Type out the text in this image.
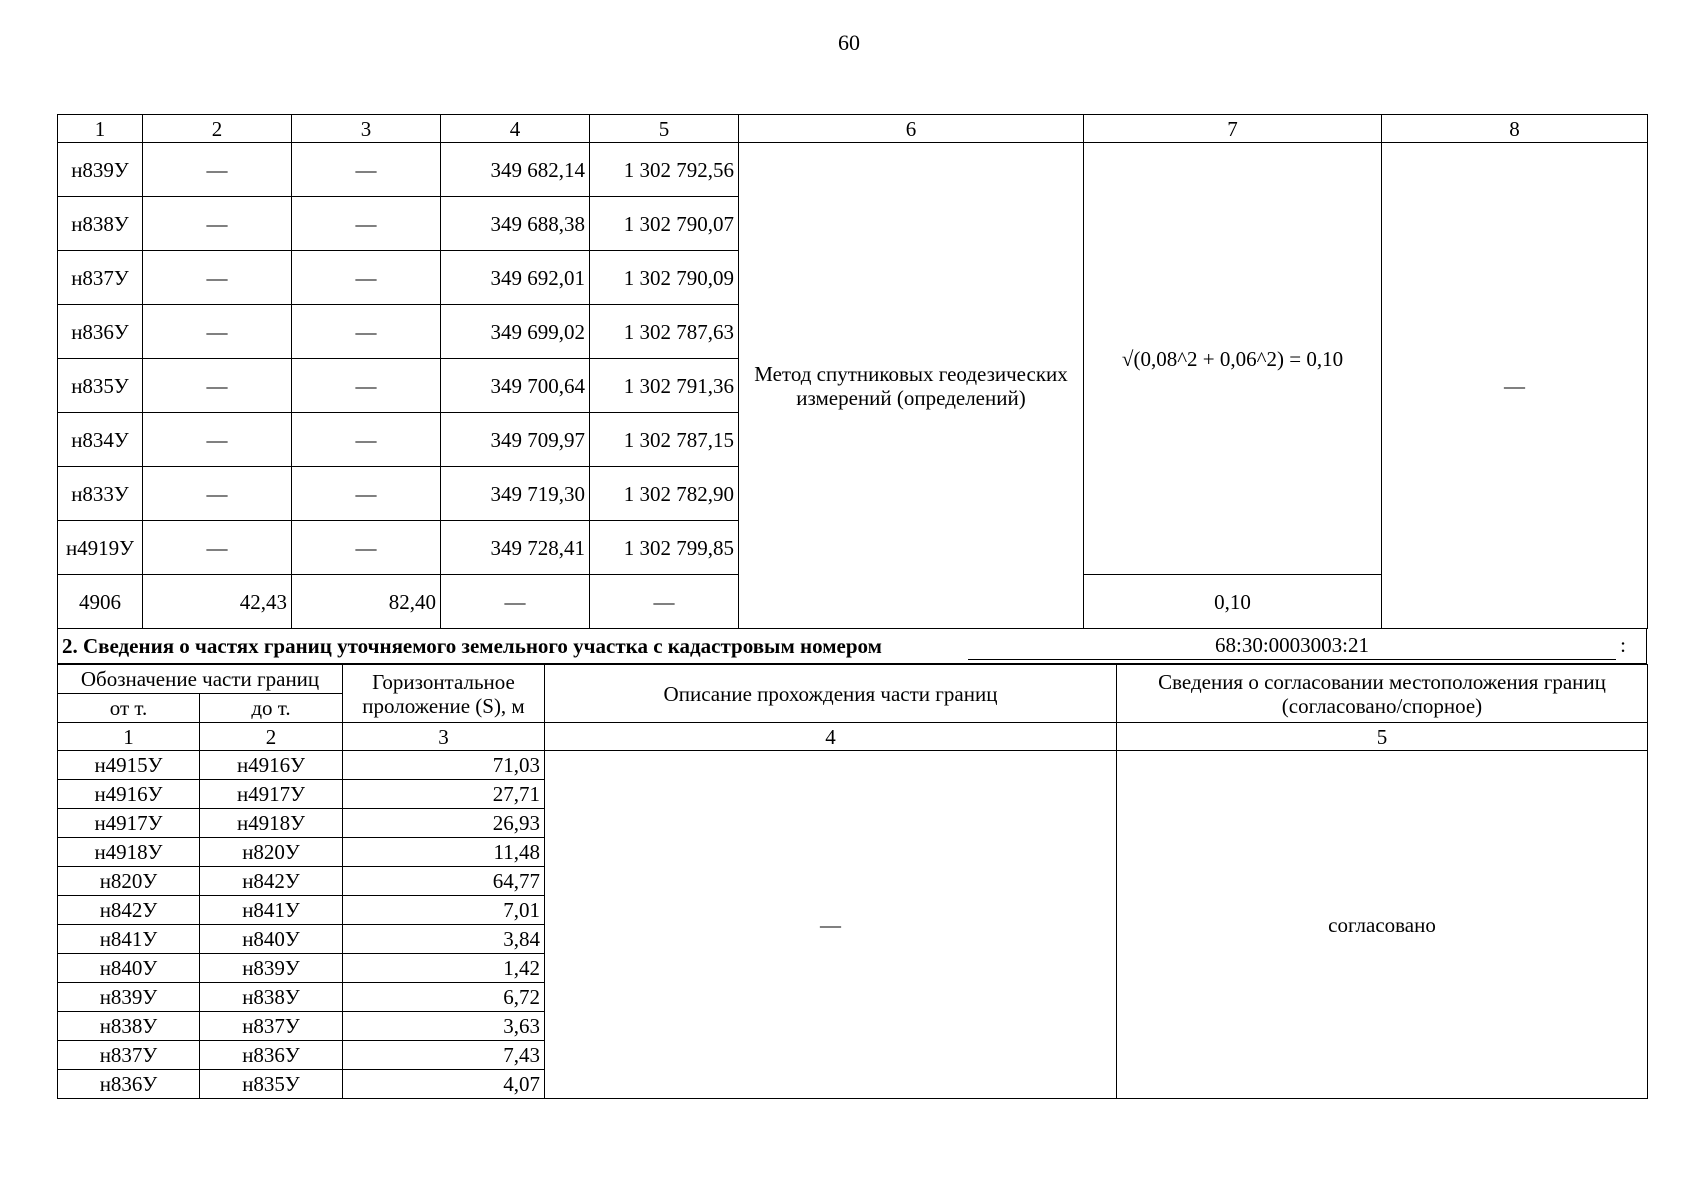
60
1	2	3	4	5	6	7	8
н839У	—	—	349 682,14	1 302 792,56	Метод спутниковых геодезических измерений (определений)	√(0,08^2 + 0,06^2) = 0,10	—
н838У	—	—	349 688,38	1 302 790,07			
н837У	—	—	349 692,01	1 302 790,09			
н836У	—	—	349 699,02	1 302 787,63			
н835У	—	—	349 700,64	1 302 791,36			
н834У	—	—	349 709,97	1 302 787,15			
н833У	—	—	349 719,30	1 302 782,90			
н4919У	—	—	349 728,41	1 302 799,85			
4906	42,43	82,40	—	—		0,10	
2. Сведения о частях границ уточняемого земельного участка с кадастровым номером	68:30:0003003:21	:
Обозначение части границ		Горизонтальное проложение (S), м	Описание прохождения части границ	Сведения о согласовании местоположения границ (согласовано/спорное)
от т.	до т.			
1	2	3	4	5
н4915У	н4916У	71,03	—	согласовано
н4916У	н4917У	27,71		
н4917У	н4918У	26,93		
н4918У	н820У	11,48		
н820У	н842У	64,77		
н842У	н841У	7,01		
н841У	н840У	3,84		
н840У	н839У	1,42		
н839У	н838У	6,72		
н838У	н837У	3,63		
н837У	н836У	7,43		
н836У	н835У	4,07		
